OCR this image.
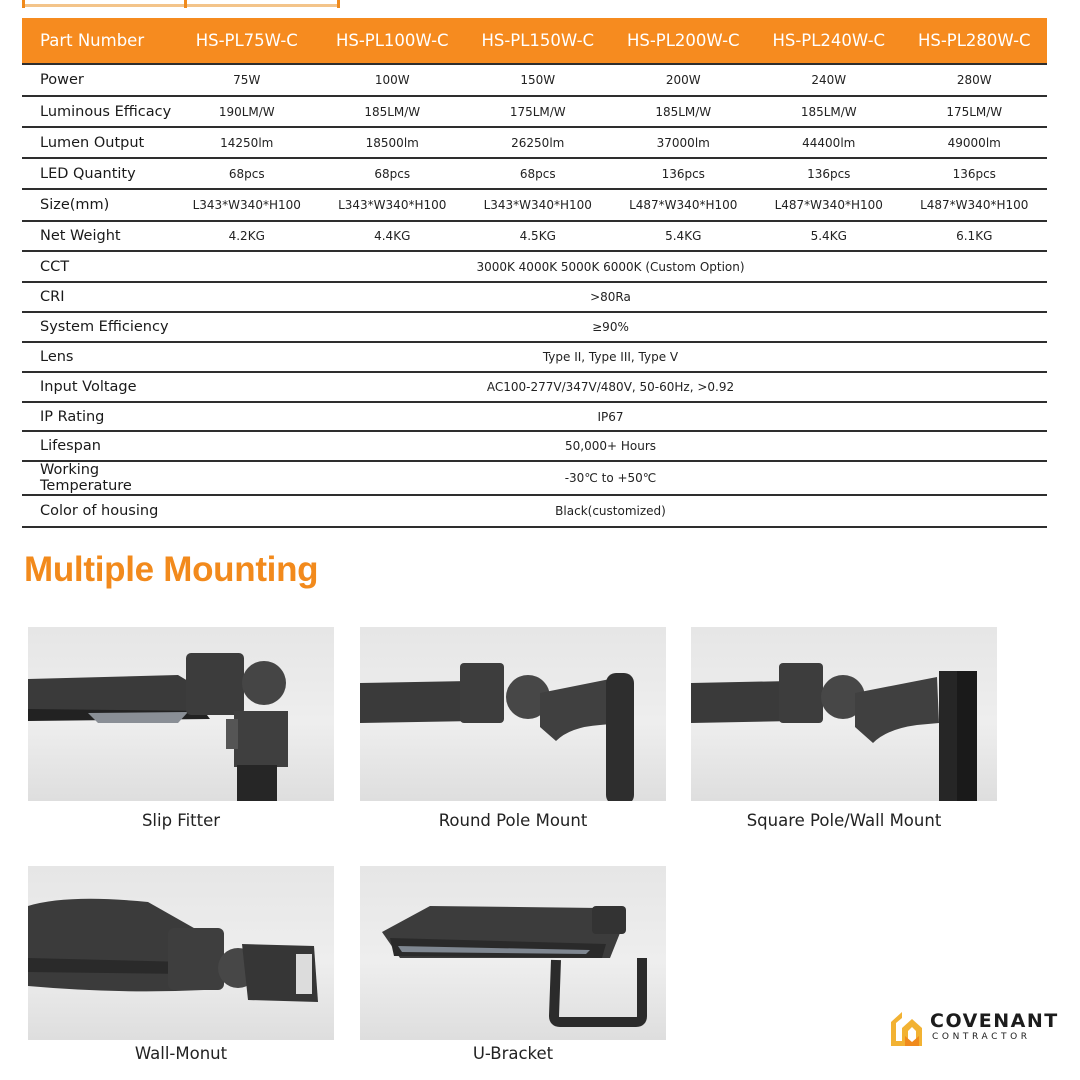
Part Number	HS-PL75W-C	HS-PL100W-C	HS-PL150W-C	HS-PL200W-C	HS-PL240W-C	HS-PL280W-C
Power	75W	100W	150W	200W	240W	280W
Luminous Efficacy	190LM/W	185LM/W	175LM/W	185LM/W	185LM/W	175LM/W
Lumen Output	14250lm	18500lm	26250lm	37000lm	44400lm	49000lm
LED Quantity	68pcs	68pcs	68pcs	136pcs	136pcs	136pcs
Size(mm)	L343*W340*H100	L343*W340*H100	L343*W340*H100	L487*W340*H100	L487*W340*H100	L487*W340*H100
Net Weight	4.2KG	4.4KG	4.5KG	5.4KG	5.4KG	6.1KG
CCT	3000K 4000K 5000K 6000K (Custom Option)					
CRI	>80Ra					
System Efficiency	≥90%					
Lens	Type II, Type III, Type V					
Input Voltage	AC100-277V/347V/480V, 50-60Hz, >0.92					
IP Rating	IP67					
Lifespan	50,000+ Hours					
Working Temperature	-30℃ to +50℃					
Color of housing	Black(customized)					
Multiple Mounting
Slip Fitter	Round Pole Mount	Square Pole/Wall Mount
Wall-Monut	U-Bracket
COVENANT
CONTRACTOR
